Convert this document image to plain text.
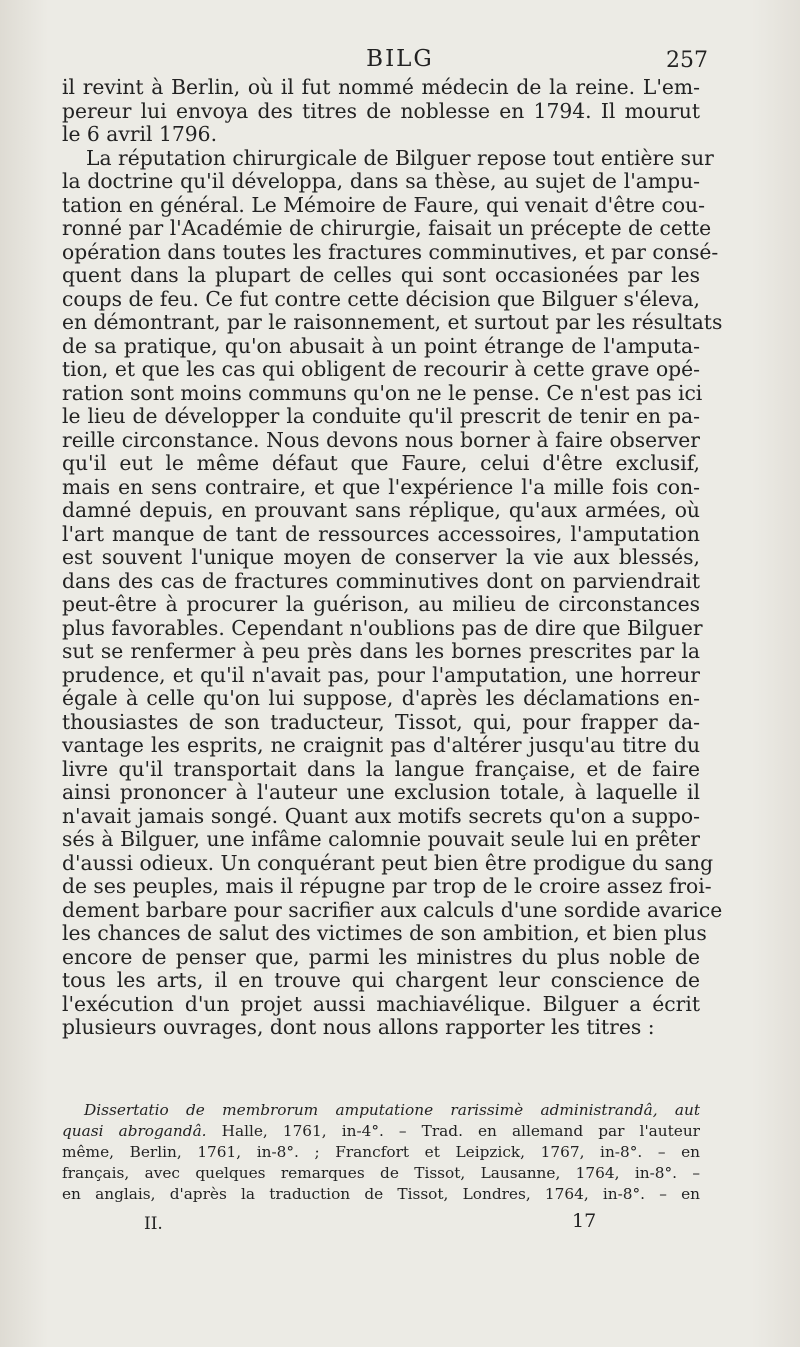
BILG	257
il revint à Berlin, où il fut nommé médecin de la reine. L'em-
pereur lui envoya des titres de noblesse en 1794. Il mourut
le 6 avril 1796.
La réputation chirurgicale de Bilguer repose tout entière sur
la doctrine qu'il développa, dans sa thèse, au sujet de l'ampu-
tation en général. Le Mémoire de Faure, qui venait d'être cou-
ronné par l'Académie de chirurgie, faisait un précepte de cette
opération dans toutes les fractures comminutives, et par consé-
quent dans la plupart de celles qui sont occasionées par les
coups de feu. Ce fut contre cette décision que Bilguer s'éleva,
en démontrant, par le raisonnement, et surtout par les résultats
de sa pratique, qu'on abusait à un point étrange de l'amputa-
tion, et que les cas qui obligent de recourir à cette grave opé-
ration sont moins communs qu'on ne le pense. Ce n'est pas ici
le lieu de développer la conduite qu'il prescrit de tenir en pa-
reille circonstance. Nous devons nous borner à faire observer
qu'il eut le même défaut que Faure, celui d'être exclusif,
mais en sens contraire, et que l'expérience l'a mille fois con-
damné depuis, en prouvant sans réplique, qu'aux armées, où
l'art manque de tant de ressources accessoires, l'amputation
est souvent l'unique moyen de conserver la vie aux blessés,
dans des cas de fractures comminutives dont on parviendrait
peut-être à procurer la guérison, au milieu de circonstances
plus favorables. Cependant n'oublions pas de dire que Bilguer
sut se renfermer à peu près dans les bornes prescrites par la
prudence, et qu'il n'avait pas, pour l'amputation, une horreur
égale à celle qu'on lui suppose, d'après les déclamations en-
thousiastes de son traducteur, Tissot, qui, pour frapper da-
vantage les esprits, ne craignit pas d'altérer jusqu'au titre du
livre qu'il transportait dans la langue française, et de faire
ainsi prononcer à l'auteur une exclusion totale, à laquelle il
n'avait jamais songé. Quant aux motifs secrets qu'on a suppo-
sés à Bilguer, une infâme calomnie pouvait seule lui en prêter
d'aussi odieux. Un conquérant peut bien être prodigue du sang
de ses peuples, mais il répugne par trop de le croire assez froi-
dement barbare pour sacrifier aux calculs d'une sordide avarice
les chances de salut des victimes de son ambition, et bien plus
encore de penser que, parmi les ministres du plus noble de
tous les arts, il en trouve qui chargent leur conscience de
l'exécution d'un projet aussi machiavélique. Bilguer a écrit
plusieurs ouvrages, dont nous allons rapporter les titres :
Dissertatio de membrorum amputatione rarissimè administrandâ, aut
quasi abrogandâ. Halle, 1761, in-4°. – Trad. en allemand par l'auteur
même, Berlin, 1761, in-8°. ; Francfort et Leipzick, 1767, in-8°. – en
français, avec quelques remarques de Tissot, Lausanne, 1764, in-8°. –
en anglais, d'après la traduction de Tissot, Londres, 1764, in-8°. – en
II.	17
